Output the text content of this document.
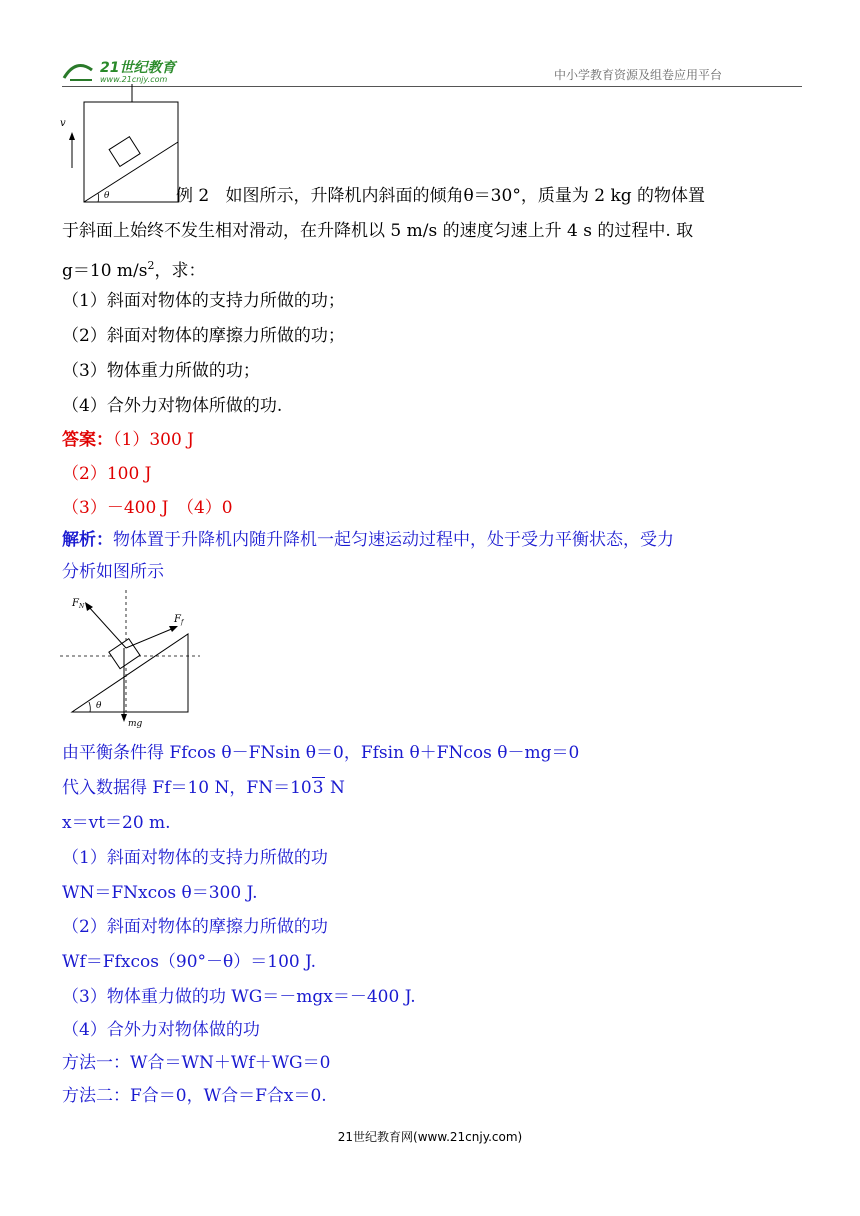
21世纪教育
www.21cnjy.com	中小学教育资源及组卷应用平台
θ
v
例 2 如图所示，升降机内斜面的倾角θ＝30°，质量为 2 kg 的物体置
于斜面上始终不发生相对滑动，在升降机以 5 m/s 的速度匀速上升 4 s 的过程中. 取
g＝10 $m/s^2$，求：
（1）斜面对物体的支持力所做的功；
（2）斜面对物体的摩擦力所做的功；
（3）物体重力所做的功；
（4）合外力对物体所做的功.
答案：（1）300 J
（2）100 J
（3）－400 J　（4）0
解析：物体置于升降机内随升降机一起匀速运动过程中，处于受力平衡状态，受力
分析如图所示
θ
$F_N$
$F_f$
mg
由平衡条件得 Ffcos θ－FNsin θ＝0，Ffsin θ＋FNcos θ－mg＝0
代入数据得 Ff＝10 N，FN＝103 N
x＝vt＝20 m.
（1）斜面对物体的支持力所做的功
WN＝FNxcos θ＝300 J.
（2）斜面对物体的摩擦力所做的功
Wf＝Ffxcos（90°－θ）＝100 J.
（3）物体重力做的功 WG＝－mgx＝－400 J.
（4）合外力对物体做的功
方法一：W合＝WN＋Wf＋WG＝0
方法二：F合＝0，W合＝F合x＝0.
21世纪教育网(www.21cnjy.com)
